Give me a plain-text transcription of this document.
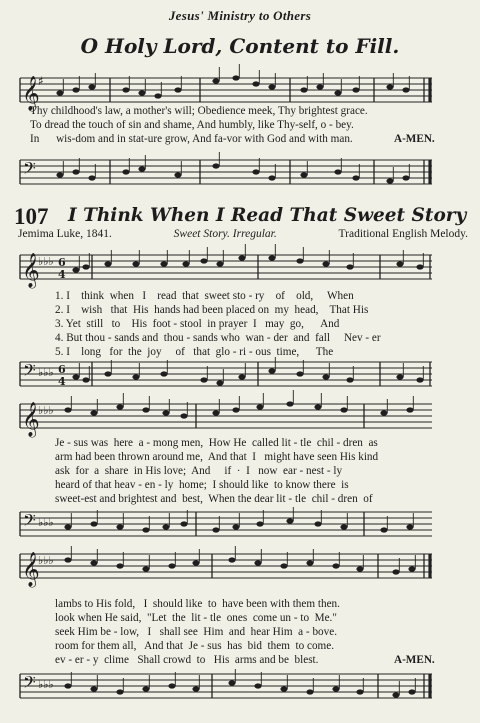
Jesus' Ministry to Others
O Holy Lord, Content to Fill.
𝄞
♯
Thy childhood's law, a mother's will; Obedience meek, Thy brightest grace.
To dread the touch of sin and shame, And humbly, like Thy-self, o - bey.
In      wis-dom and in stat-ure grow, And fa-vor with God and with man.	A-MEN.
𝄢
107 I Think When I Read That Sweet Story
Jemima Luke, 1841.	Sweet Story. Irregular.	Traditional English Melody.
𝄞
♭♭♭ 6
4
1. I    think  when   I    read  that  sweet sto - ry    of    old,     When
2. I    wish   that  His  hands had been placed on  my  head,    That His
3. Yet  still   to    His  foot - stool  in prayer  I   may  go,      And
4. But thou - sands and  thou - sands who  wan - der  and  fall     Nev - er
5. I    long   for  the  joy     of   that  glo - ri - ous  time,      The
𝄢 ♭♭♭ 6
4
𝄞
♭♭♭
Je - sus was  here  a - mong men,  How He  called lit - tle  chil - dren  as
arm had been thrown around me,  And that  I   might have seen His kind
ask  for  a  share  in His love;  And     if  ·  I   now  ear - nest - ly
heard of that heav - en - ly  home;  I should like  to know there  is
sweet-est and brightest and  best,  When the dear lit - tle  chil - dren  of
𝄢 ♭♭♭
𝄞
♭♭♭
lambs to His fold,   I  should like  to  have been with them then.
look when He said,  "Let  the  lit - tle  ones  come un - to  Me."
seek Him be - low,   I   shall see  Him  and  hear Him  a - bove.
room for them all,   And that  Je - sus  has  bid  them  to come.
ev - er - y  clime   Shall crowd  to   His  arms and be  blest.	A-MEN.
𝄢 ♭♭♭
